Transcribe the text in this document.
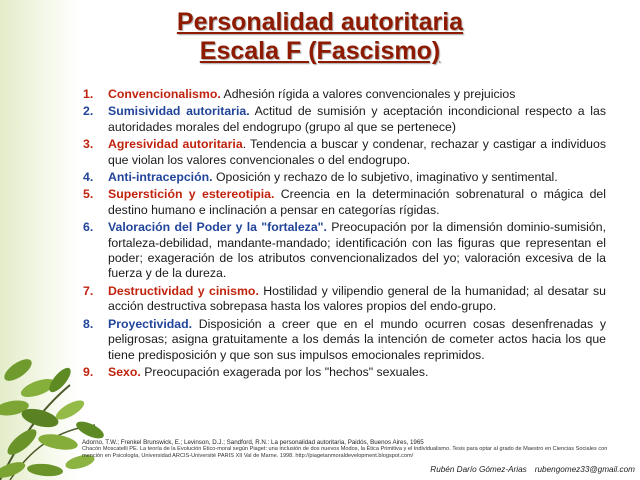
Personalidad autoritaria
Escala F (Fascismo)
1.	Convencionalismo. Adhesión rígida a valores convencionales y prejuicios
2.	Sumisividad autoritaria. Actitud de sumisión y aceptación incondicional respecto a las autoridades morales del endogrupo (grupo al que se pertenece)
3.	Agresividad autoritaria. Tendencia a buscar y condenar, rechazar y castigar a individuos que violan los valores convencionales o del endogrupo.
4.	Anti-intracepción. Oposición y rechazo de lo subjetivo, imaginativo y sentimental.
5.	Superstición y estereotipia. Creencia en la determinación sobrenatural o mágica del destino humano e inclinación a pensar en categorías rígidas.
6.	Valoración del Poder y la "fortaleza". Preocupación por la dimensión dominio-sumisión, fortaleza-debilidad, mandante-mandado; identificación con las figuras que representan el poder; exageración de los atributos convencionalizados del yo; valoración excesiva de la fuerza y de la dureza.
7.	Destructividad y cinismo. Hostilidad y vilipendio general de la humanidad; al desatar su acción destructiva sobrepasa hasta los valores propios del endo-grupo.
8.	Proyectividad. Disposición a creer que en el mundo ocurren cosas desenfrenadas y peligrosas; asigna gratuitamente a los demás la intención de cometer actos hacia los que tiene predisposición y que son sus impulsos emocionales reprimidos.
9.	Sexo. Preocupación exagerada por los "hechos" sexuales.
Adorno, T.W.; Frenkel Brunswick, E.; Levinson, D.J.; Sandford, R.N.: La personalidad autoritaria, Paidós, Buenos Aires, 1965
Chacón Moscatelli PE. La teoría de la Evolución Ético-moral según Piaget: una inclusión de dos nuevos Modos, la Ética Primitiva y el Individualismo. Tesis para optar al grado de Maestro en Ciencias Sociales con mención en Psicología, Universidad ARCIS-Université PARIS XII Val de Marne. 1998. http://piagetanmoraldevelopment.blogspot.com/
Rubén Darío Gómez-Arias rubengomez33@gmail.com
